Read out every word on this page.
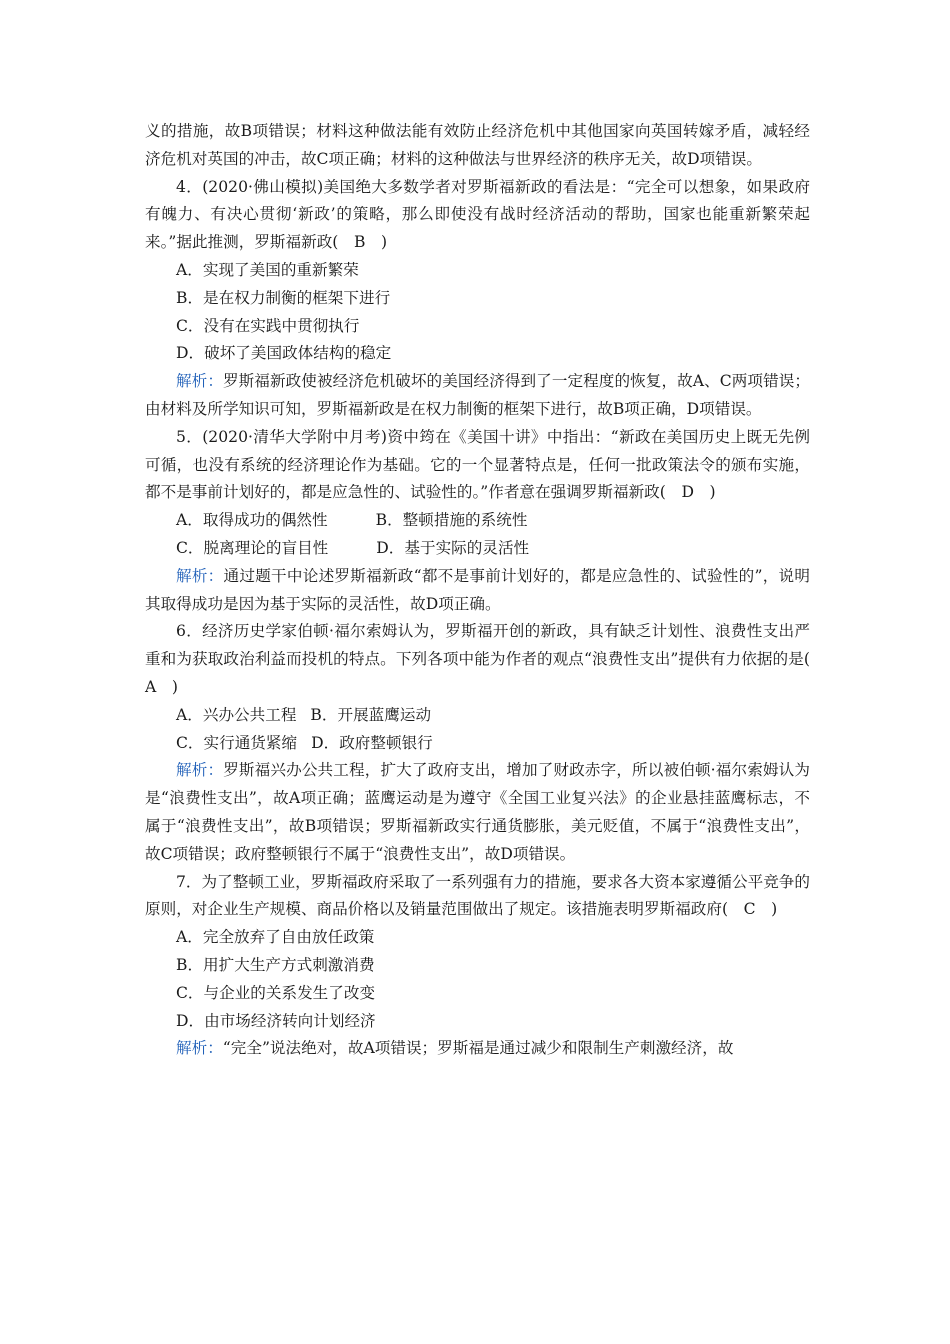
义的措施，故B项错误；材料这种做法能有效防止经济危机中其他国家向英国转嫁矛盾，减轻经济危机对英国的冲击，故C项正确；材料的这种做法与世界经济的秩序无关，故D项错误。

4．(2020·佛山模拟)美国绝大多数学者对罗斯福新政的看法是：“完全可以想象，如果政府有魄力、有决心贯彻‘新政’的策略，那么即使没有战时经济活动的帮助，国家也能重新繁荣起来。”据此推测，罗斯福新政(　B　)

A．实现了美国的重新繁荣

B．是在权力制衡的框架下进行

C．没有在实践中贯彻执行

D．破坏了美国政体结构的稳定

解析：罗斯福新政使被经济危机破坏的美国经济得到了一定程度的恢复，故A、C两项错误；由材料及所学知识可知，罗斯福新政是在权力制衡的框架下进行，故B项正确，D项错误。

5．(2020·清华大学附中月考)资中筠在《美国十讲》中指出：“新政在美国历史上既无先例可循，也没有系统的经济理论作为基础。它的一个显著特点是，任何一批政策法令的颁布实施，都不是事前计划好的，都是应急性的、试验性的。”作者意在强调罗斯福新政(　D　)

A．取得成功的偶然性	B．整顿措施的系统性

C．脱离理论的盲目性	D．基于实际的灵活性

解析：通过题干中论述罗斯福新政“都不是事前计划好的，都是应急性的、试验性的”，说明其取得成功是因为基于实际的灵活性，故D项正确。

6．经济历史学家伯顿·福尔索姆认为，罗斯福开创的新政，具有缺乏计划性、浪费性支出严重和为获取政治利益而投机的特点。下列各项中能为作者的观点“浪费性支出”提供有力依据的是(　A　)

A．兴办公共工程 B．开展蓝鹰运动

C．实行通货紧缩 D．政府整顿银行

解析：罗斯福兴办公共工程，扩大了政府支出，增加了财政赤字，所以被伯顿·福尔索姆认为是“浪费性支出”，故A项正确；蓝鹰运动是为遵守《全国工业复兴法》的企业悬挂蓝鹰标志，不属于“浪费性支出”，故B项错误；罗斯福新政实行通货膨胀，美元贬值，不属于“浪费性支出”，故C项错误；政府整顿银行不属于“浪费性支出”，故D项错误。

7．为了整顿工业，罗斯福政府采取了一系列强有力的措施，要求各大资本家遵循公平竞争的原则，对企业生产规模、商品价格以及销量范围做出了规定。该措施表明罗斯福政府(　C　)

A．完全放弃了自由放任政策

B．用扩大生产方式刺激消费

C．与企业的关系发生了改变

D．由市场经济转向计划经济

解析：“完全”说法绝对，故A项错误；罗斯福是通过减少和限制生产刺激经济，故
